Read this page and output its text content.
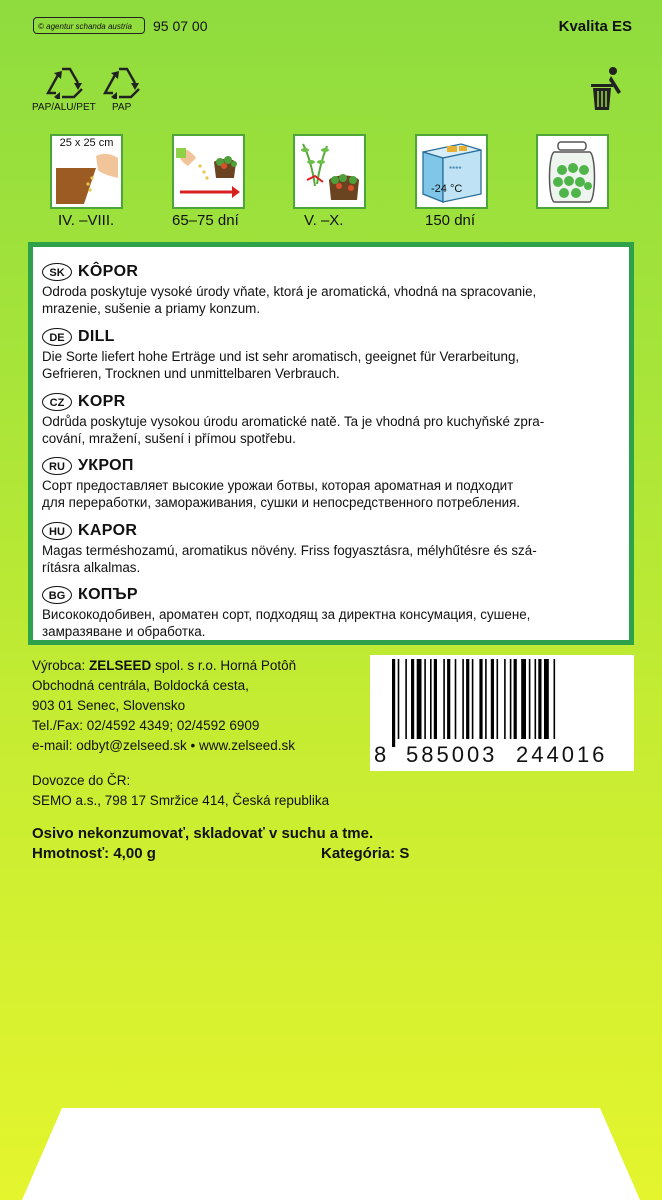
© agentur schanda austria	95 07 00	Kvalita ES
PAP/ALU/PET PAP
25 x 25 cm
IV. –VIII.	65–75 dní	V. –X.
****
-24 °C
150 dní
SK KÔPOR

Odroda poskytuje vysoké úrody vňate, ktorá je aromatická, vhodná na spracovanie,
mrazenie, sušenie a priamy konzum.

DE DILL

Die Sorte liefert hohe Erträge und ist sehr aromatisch, geeignet für Verarbeitung,
Gefrieren, Trocknen und unmittelbaren Verbrauch.

CZ KOPR

Odrůda poskytuje vysokou úrodu aromatické natě. Ta je vhodná pro kuchyňské zpra-
cování, mražení, sušení i přímou spotřebu.

RU УКРОП

Сорт предоставляет высокие урожаи ботвы, которая ароматная и подходит
для переработки, замораживания, сушки и непосредственного потребления.

HU KAPOR

Magas terméshozamú, aromatikus növény. Friss fogyasztásra, mélyhűtésre és szá-
rításra alkalmas.

BG КОПЪР

Висококодобивен, ароматен сорт, подходящ за директна консумация, сушене,
замразяване и обработка.

Výrobca: ZELSEED spol. s r.o. Horná Potôň
Obchodná centrála, Boldocká cesta,
903 01 Senec, Slovensko
Tel./Fax: 02/4592 4349; 02/4592 6909
e-mail: odbyt@zelseed.sk • www.zelseed.sk
Dovozce do ČR:
SEMO a.s., 798 17 Smržice 414, Česká republika
8 585003 244016
Osivo nekonzumovať, skladovať v suchu a tme.
Hmotnosť: 4,00 g	Kategória: S
